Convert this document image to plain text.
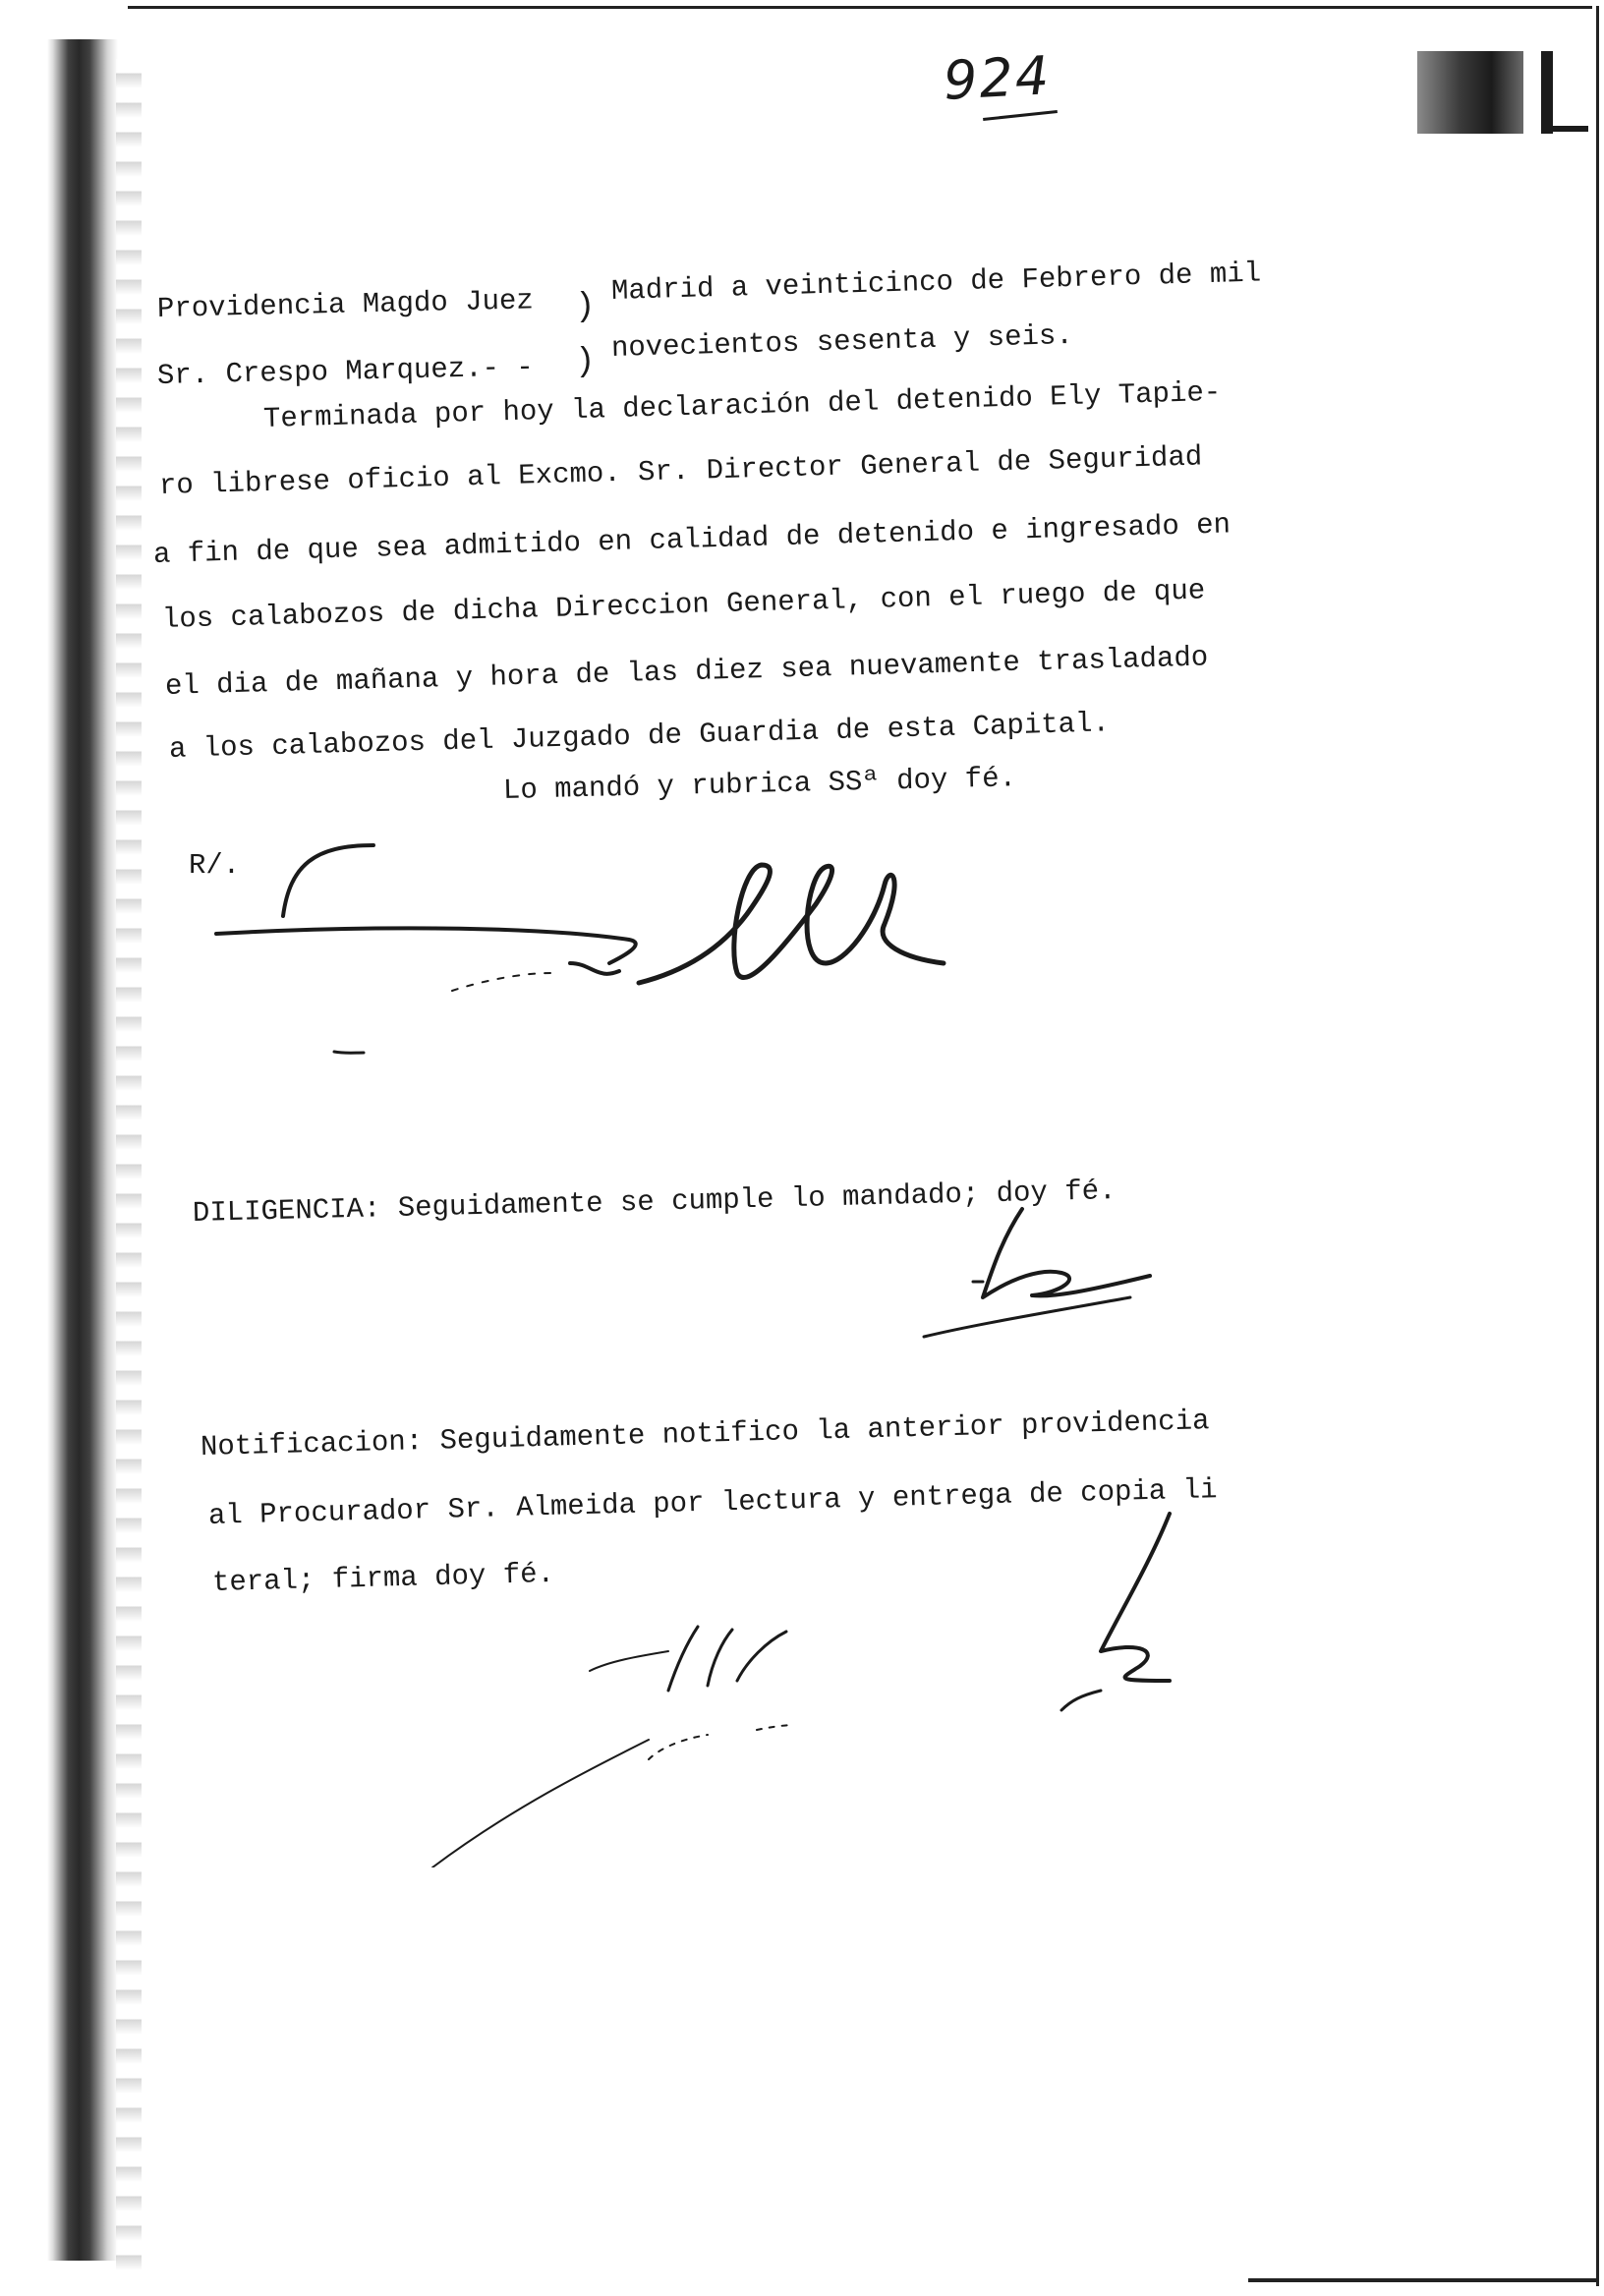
924
Providencia Magdo Juez
Sr. Crespo Marquez.- -
)
)
Madrid a veinticinco de Febrero de mil
novecientos sesenta y seis.
Terminada por hoy la declaración del detenido Ely Tapie-
ro librese oficio al Excmo. Sr. Director General de Seguridad
a fin de que sea admitido en calidad de detenido e ingresado en
los calabozos de dicha Direccion General, con el ruego de que
el dia de mañana y hora de las diez sea nuevamente trasladado
a los calabozos del Juzgado de Guardia de esta Capital.
Lo mandó y rubrica SSª doy fé.
R/.
DILIGENCIA: Seguidamente se cumple lo mandado; doy fé.
Notificacion: Seguidamente notifico la anterior providencia
al Procurador Sr. Almeida por lectura y entrega de copia li
teral; firma doy fé.
